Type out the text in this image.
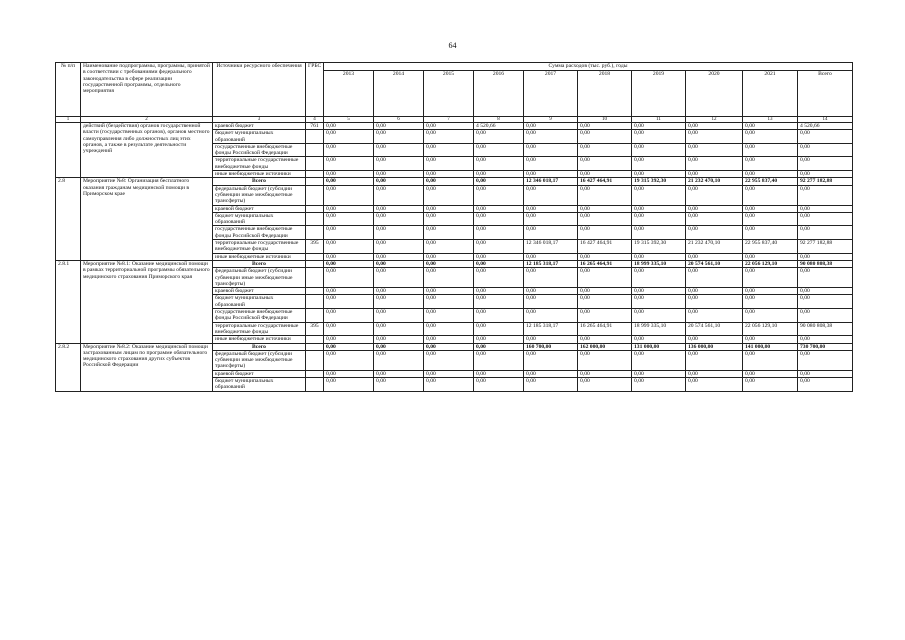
64
№ п/п	Наименование подпрограммы, программы, принятой в соответствии с требованиями федерального законодательства в сфере реализации государственной программы, отдельного мероприятия	Источники ресурсного обеспечения	ГРБС	Сумма расходов (тыс. руб.), годы									
				2013	2014	2015	2016	2017	2018	2019	2020	2021	Всего
1	2	3	4	5	6	7	8	9	10	11	12	13	14
	действий (бездействия) органов государственной власти (государственных органов), органов местного самоуправления либо должностных лиц этих органов, а также в результате деятельности учреждений	краевой бюджет	761	0,00	0,00	0,00	4 520,66	0,00	0,00	0,00	0,00	0,00	4 520,66
		бюджет муниципальных образований		0,00	0,00	0,00	0,00	0,00	0,00	0,00	0,00	0,00	0,00
		государственные внебюджетные фонды Российской Федерации		0,00	0,00	0,00	0,00	0,00	0,00	0,00	0,00	0,00	0,00
		территориальные государственные внебюджетные фонды		0,00	0,00	0,00	0,00	0,00	0,00	0,00	0,00	0,00	0,00
		иные внебюджетные источники		0,00	0,00	0,00	0,00	0,00	0,00	0,00	0,00	0,00	0,00
2.8	Мероприятие №8: Организация бесплатного оказания гражданам медицинской помощи в Приморском крае	Всего		0,00	0,00	0,00	0,00	12 346 018,17	16 427 464,91	19 315 392,30	21 232 470,10	22 955 837,40	92 277 182,88
		федеральный бюджет (субсидии субвенции иные межбюджетные трансферты)		0,00	0,00	0,00	0,00	0,00	0,00	0,00	0,00	0,00	0,00
		краевой бюджет		0,00	0,00	0,00	0,00	0,00	0,00	0,00	0,00	0,00	0,00
		бюджет муниципальных образований		0,00	0,00	0,00	0,00	0,00	0,00	0,00	0,00	0,00	0,00
		государственные внебюджетные фонды Российской Федерации		0,00	0,00	0,00	0,00	0,00	0,00	0,00	0,00	0,00	0,00
		территориальные государственные внебюджетные фонды	395	0,00	0,00	0,00	0,00	12 346 018,17	16 427 464,91	19 315 392,30	21 232 470,10	22 955 837,40	92 277 182,88
		иные внебюджетные источники		0,00	0,00	0,00	0,00	0,00	0,00	0,00	0,00	0,00	0,00
2.8.1	Мероприятие №8.1: Оказание медицинской помощи в рамках территориальной программы обязательного медицинского страхования Приморского края	Всего		0,00	0,00	0,00	0,00	12 185 318,17	16 265 464,91	18 999 335,10	20 574 561,10	22 056 129,10	90 080 808,38
		федеральный бюджет (субсидии субвенции иные межбюджетные трансферты)		0,00	0,00	0,00	0,00	0,00	0,00	0,00	0,00	0,00	0,00
		краевой бюджет		0,00	0,00	0,00	0,00	0,00	0,00	0,00	0,00	0,00	0,00
		бюджет муниципальных образований		0,00	0,00	0,00	0,00	0,00	0,00	0,00	0,00	0,00	0,00
		государственные внебюджетные фонды Российской Федерации		0,00	0,00	0,00	0,00	0,00	0,00	0,00	0,00	0,00	0,00
		территориальные государственные внебюджетные фонды	395	0,00	0,00	0,00	0,00	12 185 318,17	16 265 464,91	18 999 335,10	20 574 561,10	22 056 129,10	90 080 808,38
		иные внебюджетные источники		0,00	0,00	0,00	0,00	0,00	0,00	0,00	0,00	0,00	0,00
2.8.2	Мероприятие №8.2: Оказание медицинской помощи застрахованным лицам по программе обязательного медицинского страхования других субъектов Российской Федерации	Всего		0,00	0,00	0,00	0,00	160 700,00	162 000,00	131 000,00	136 000,00	141 000,00	730 700,00
		федеральный бюджет (субсидии субвенции иные межбюджетные трансферты)		0,00	0,00	0,00	0,00	0,00	0,00	0,00	0,00	0,00	0,00
		краевой бюджет		0,00	0,00	0,00	0,00	0,00	0,00	0,00	0,00	0,00	0,00
		бюджет муниципальных образований		0,00	0,00	0,00	0,00	0,00	0,00	0,00	0,00	0,00	0,00
